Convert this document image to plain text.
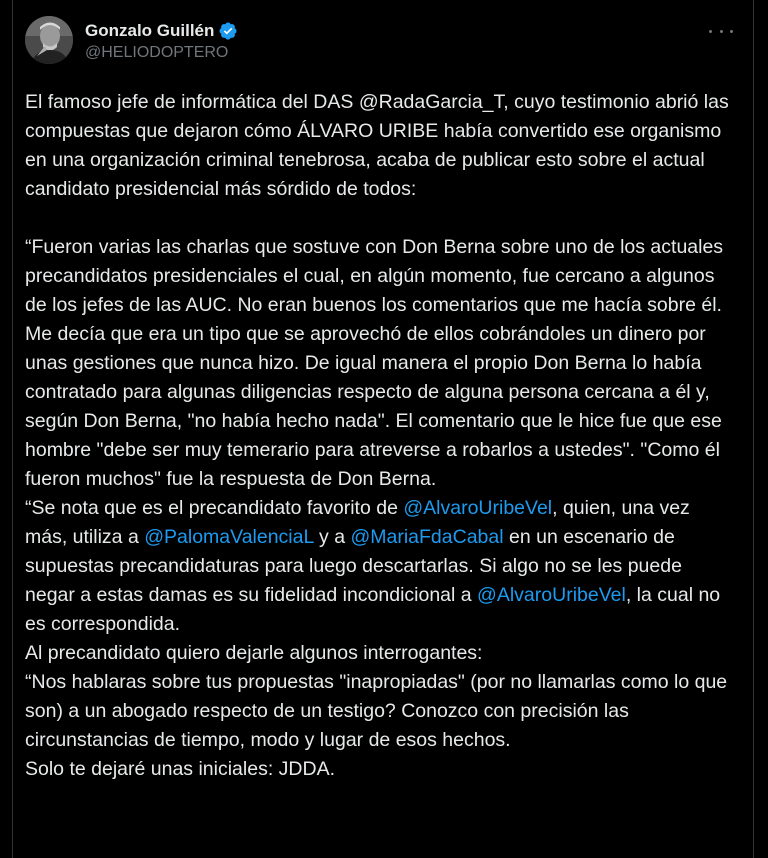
Gonzalo Guillén
@HELIODOPTERO

El famoso jefe de informática del DAS @RadaGarcia_T, cuyo testimonio abrió las compuestas que dejaron cómo ÁLVARO URIBE había convertido ese organismo en una organización criminal tenebrosa, acaba de publicar esto sobre el actual candidato presidencial más sórdido de todos:

“Fueron varias las charlas que sostuve con Don Berna sobre uno de los actuales precandidatos presidenciales el cual, en algún momento, fue cercano a algunos de los jefes de las AUC. No eran buenos los comentarios que me hacía sobre él. Me decía que era un tipo que se aprovechó de ellos cobrándoles un dinero por unas gestiones que nunca hizo. De igual manera el propio Don Berna lo había contratado para algunas diligencias respecto de alguna persona cercana a él y, según Don Berna, "no había hecho nada". El comentario que le hice fue que ese hombre "debe ser muy temerario para atreverse a robarlos a ustedes". "Como él fueron muchos" fue la respuesta de Don Berna.

“Se nota que es el precandidato favorito de @AlvaroUribeVel, quien, una vez más, utiliza a @PalomaValenciaL y a @MariaFdaCabal en un escenario de supuestas precandidaturas para luego descartarlas. Si algo no se les puede negar a estas damas es su fidelidad incondicional a @AlvaroUribeVel, la cual no es correspondida.

Al precandidato quiero dejarle algunos interrogantes:

“Nos hablaras sobre tus propuestas "inapropiadas" (por no llamarlas como lo que son) a un abogado respecto de un testigo? Conozco con precisión las circunstancias de tiempo, modo y lugar de esos hechos.

Solo te dejaré unas iniciales: JDDA.
